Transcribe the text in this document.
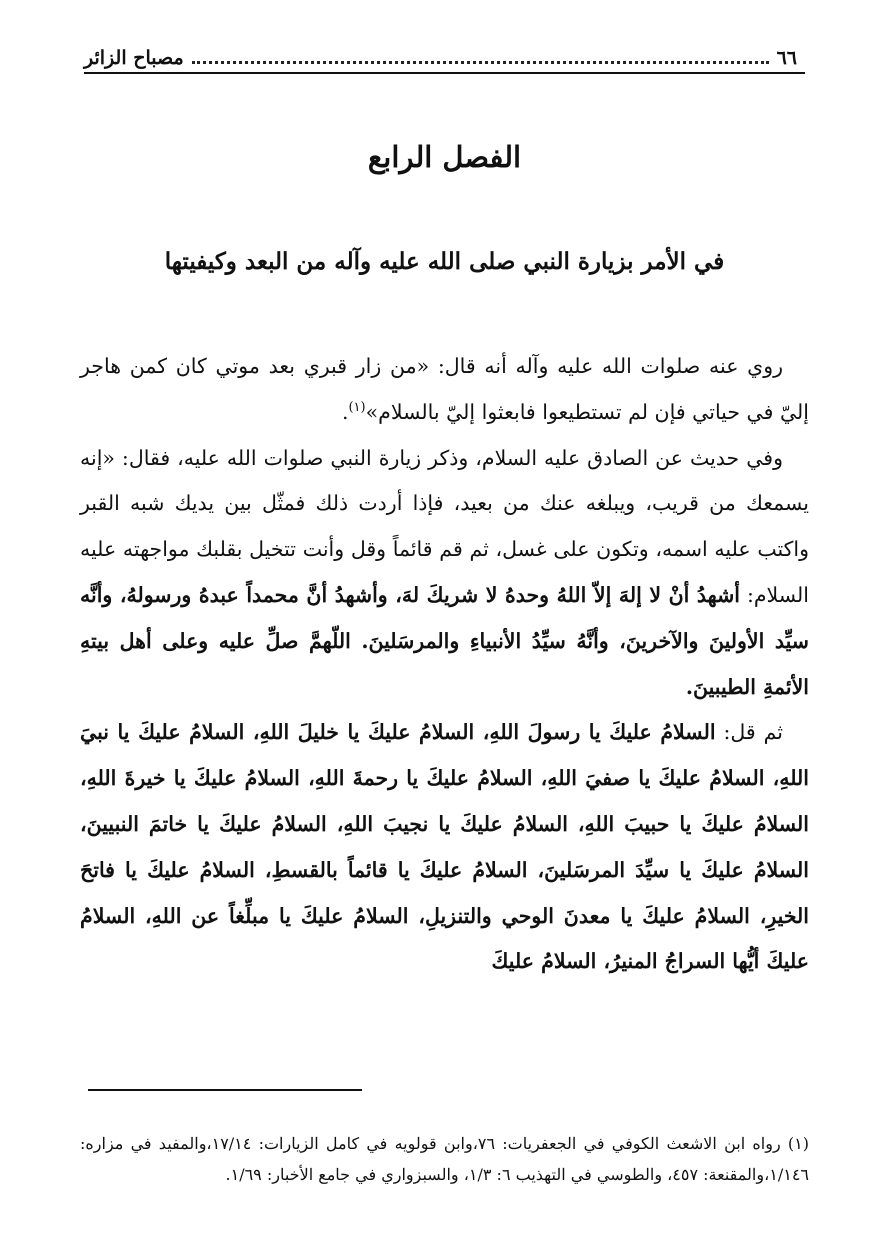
٦٦
مصباح الزائر
الفصل الرابع
في الأمر بزيارة النبي صلى الله عليه وآله من البعد وكيفيتها

روي عنه صلوات الله عليه وآله أنه قال: «من زار قبري بعد موتي كان كمن هاجر إليّ في حياتي فإن لم تستطيعوا فابعثوا إليّ بالسلام»$^{(١)}$.

وفي حديث عن الصادق عليه السلام، وذكر زيارة النبي صلوات الله عليه، فقال: «إنه يسمعك من قريب، ويبلغه عنك من بعيد، فإذا أردت ذلك فمثّل بين يديك شبه القبر واكتب عليه اسمه، وتكون على غسل، ثم قم قائماً وقل وأنت تتخيل بقلبك مواجهته عليه السلام: أشهدُ أنْ لا إلهَ إلاّ اللهُ وحدهُ لا شريكَ لهَ، وأشهدُ أنَّ محمداً عبدهُ ورسولهُ، وأنَّه سيِّد الأولينَ والآخرينَ، وأنَّهُ سيِّدُ الأنبياءِ والمرسَلينَ. اللّهمَّ صلِّ عليه وعلى أهل بيتهِ الأئمةِ الطيبينَ.

ثم قل: السلامُ عليكَ يا رسولَ اللهِ، السلامُ عليكَ يا خليلَ اللهِ، السلامُ عليكَ يا نبيَ اللهِ، السلامُ عليكَ يا صفيَ اللهِ، السلامُ عليكَ يا رحمةَ اللهِ، السلامُ عليكَ يا خيرةَ اللهِ، السلامُ عليكَ يا حبيبَ اللهِ، السلامُ عليكَ يا نجيبَ اللهِ، السلامُ عليكَ يا خاتمَ النبيينَ، السلامُ عليكَ يا سيِّدَ المرسَلينَ، السلامُ عليكَ يا قائماً بالقسطِ، السلامُ عليكَ يا فاتحَ الخيرِ، السلامُ عليكَ يا معدنَ الوحي والتنزيلِ، السلامُ عليكَ يا مبلِّغاً عن اللهِ، السلامُ عليكَ أيُّها السراجُ المنيرُ، السلامُ عليكَ

(١) رواه ابن الاشعث الكوفي في الجعفريات: ٧٦،وابن قولويه في كامل الزيارات: ١٧/١٤،والمفيد في مزاره: ١/١٤٦،والمقنعة: ٤٥٧، والطوسي في التهذيب ٦: ١/٣، والسبزواري في جامع الأخبار: ١/٦٩.
